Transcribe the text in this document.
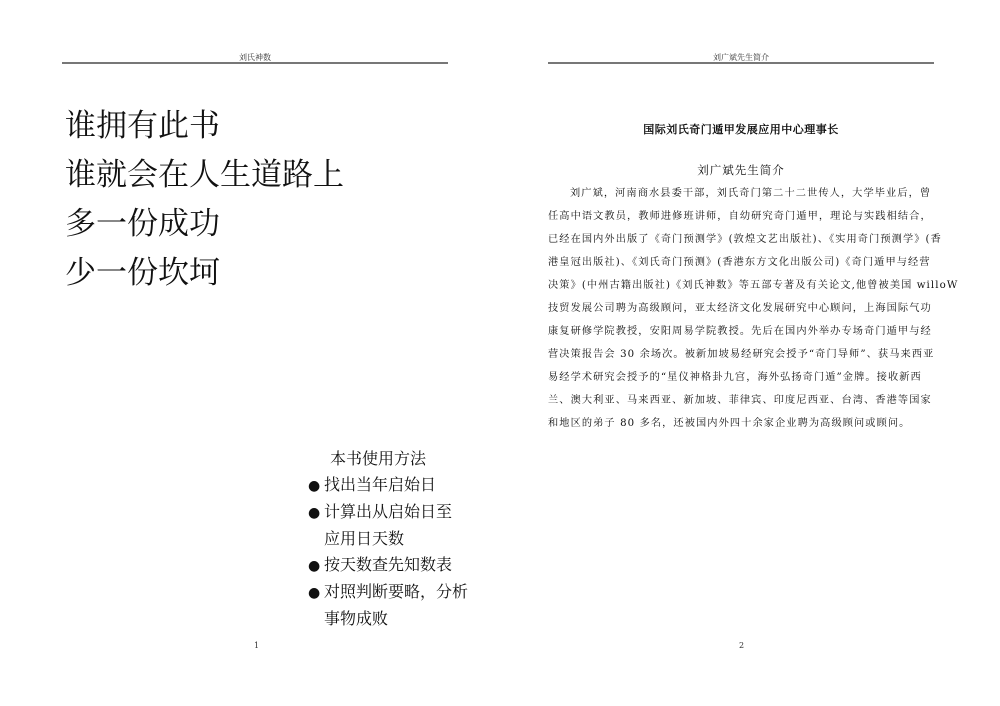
刘氏神数
谁拥有此书
谁就会在人生道路上
多一份成功
少一份坎坷
本书使用方法
● 找出当年启始日
● 计算出从启始日至
应用日天数
● 按天数查先知数表
● 对照判断要略，分析
事物成败
1
刘广斌先生简介
国际刘氏奇门遁甲发展应用中心理事长
刘广斌先生简介

刘广斌，河南商水县委干部，刘氏奇门第二十二世传人，大学毕业后，曾
任高中语文教员，教师进修班讲师，自幼研究奇门遁甲，理论与实践相结合，
已经在国内外出版了《奇门预测学》(敦煌文艺出版社)、《实用奇门预测学》(香
港皇冠出版社)、《刘氏奇门预测》(香港东方文化出版公司)《奇门遁甲与经营
决策》(中州古籍出版社)《刘氏神数》等五部专著及有关论文,他曾被美国 willoW
技贸发展公司聘为高级顾问，亚太经济文化发展研究中心顾问，上海国际气功
康复研修学院教授，安阳周易学院教授。先后在国内外举办专场奇门遁甲与经
营决策报告会 30 余场次。被新加坡易经研究会授予“奇门导师”、获马来西亚
易经学术研究会授予的“星仪神格卦九宫，海外弘扬奇门遁”金牌。接收新西
兰、澳大利亚、马来西亚、新加坡、菲律宾、印度尼西亚、台湾、香港等国家
和地区的弟子 80 多名，还被国内外四十余家企业聘为高级顾问或顾问。

2
